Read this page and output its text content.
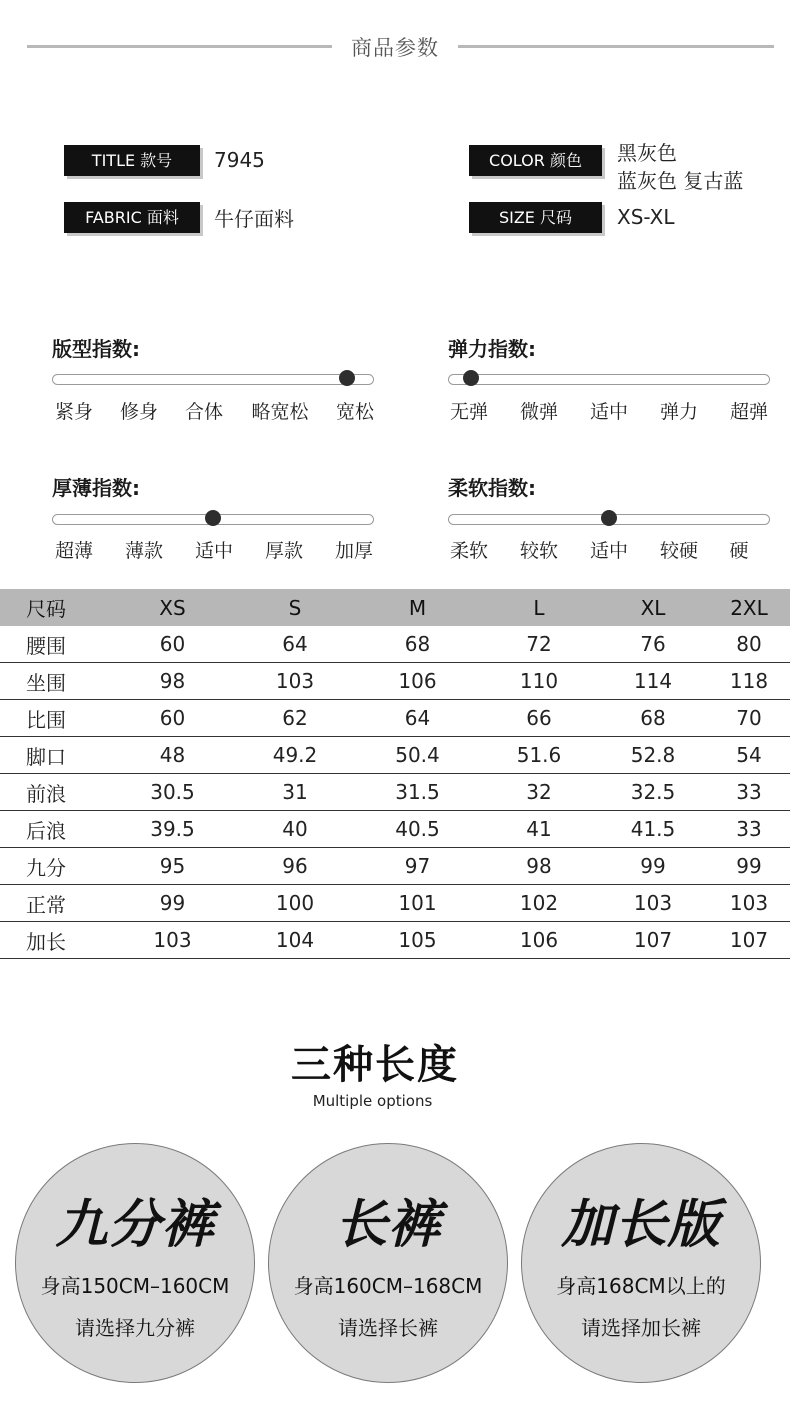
商品参数
TITLE 款号	7945
FABRIC 面料	牛仔面料
COLOR 颜色	黑灰色
蓝灰色 复古蓝
SIZE 尺码	XS-XL
版型指数:
紧身 修身 合体 略宽松 宽松
弹力指数:
无弹 微弹 适中 弹力 超弹
厚薄指数:
超薄 薄款 适中 厚款 加厚
柔软指数:
柔软 较软 适中 较硬 硬
尺码	XS	S	M	L	XL	2XL
腰围	60	64	68	72	76	80
坐围	98	103	106	110	114	118
比围	60	62	64	66	68	70
脚口	48	49.2	50.4	51.6	52.8	54
前浪	30.5	31	31.5	32	32.5	33
后浪	39.5	40	40.5	41	41.5	33
九分	95	96	97	98	99	99
正常	99	100	101	102	103	103
加长	103	104	105	106	107	107
三种长度
Multiple options
九分裤
身高150CM–160CM
请选择九分裤
长裤
身高160CM–168CM
请选择长裤
加长版
身高168CM以上的
请选择加长裤
